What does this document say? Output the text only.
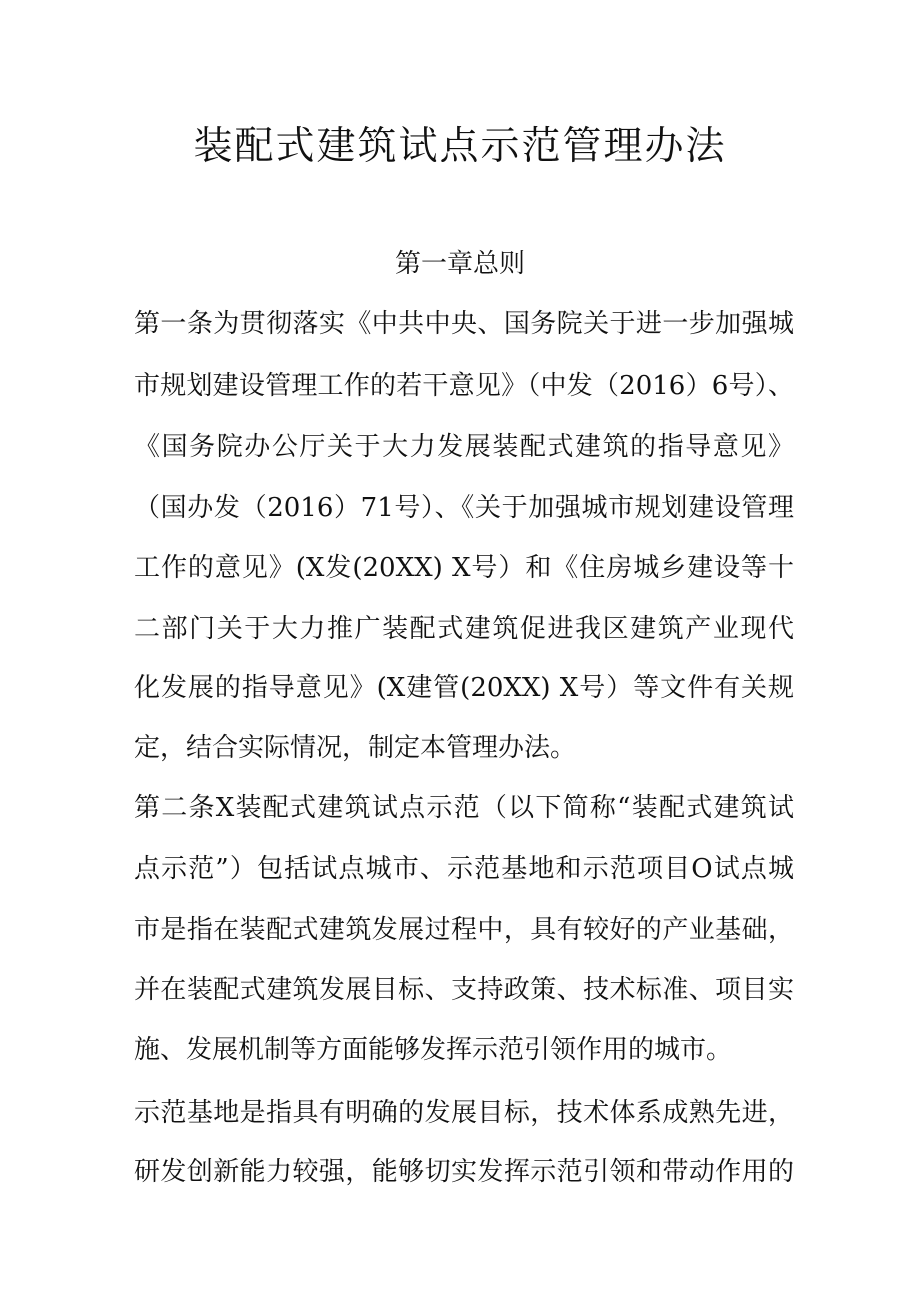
装配式建筑试点示范管理办法
第一章总则
第一条为贯彻落实《中共中央、国务院关于进一步加强城
市规划建设管理工作的若干意见》（中发（2016）6号）、
《国务院办公厅关于大力发展装配式建筑的指导意见》
（国办发（2016）71号）、《关于加强城市规划建设管理
工作的意见》(X发(20XX) X号）和《住房城乡建设等十
二部门关于大力推广装配式建筑促进我区建筑产业现代
化发展的指导意见》(X建管(20XX) X号）等文件有关规
定，结合实际情况，制定本管理办法。
第二条X装配式建筑试点示范（以下简称“装配式建筑试
点示范”）包括试点城市、示范基地和示范项目O试点城
市是指在装配式建筑发展过程中，具有较好的产业基础，
并在装配式建筑发展目标、支持政策、技术标准、项目实
施、发展机制等方面能够发挥示范引领作用的城市。
示范基地是指具有明确的发展目标，技术体系成熟先进，
研发创新能力较强，能够切实发挥示范引领和带动作用的
